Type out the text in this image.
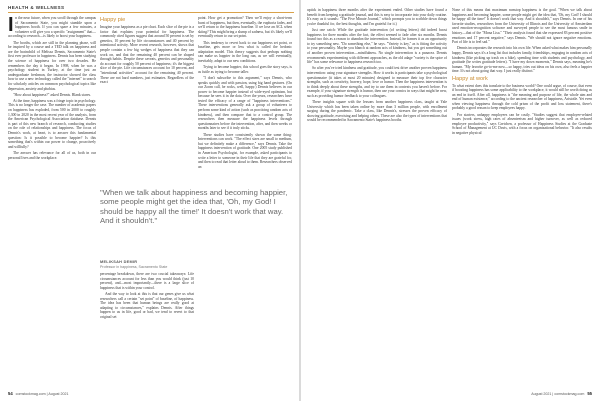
HEALTH & WELLNESS

In the near future, when you scroll through the campus of Sacramento State, you might stumble upon a happiness booth. If you can spare a few minutes, a volunteer will give you a specific "assignment" that—according to research—is likely to boost your happiness.

The booths, which are still in the planning phase, will be inspired by a course and a TED talk on happiness and are the brainchild of Melissa Dennis, Sacramento State's first ever professor in happiness. Dennis has been studying the science of happiness for over two decades. He remembers the day it began. In 1998, when he was a psychology student in Turkey, at the time just an undergraduate freshman, the instructor showed the class how to use a new technology called the "internet" to search for scholarly articles on common psychological topics like depression, anxiety and phobias.

"How about happiness?" asked Dennis. Blank stares.

At the time, happiness was a fringe topic in psychology. This is no longer the case. The number of academic papers on happiness has exploded, from 500 in 2000 to roughly 1,300 in 2020 in the most recent year of the analysis, from the American Psychological Association database. Dennis is part of this new branch of research, conducting studies on the role of relationships and happiness. The focus of Dennis's work, at heart, is to answer this fundamental question: Is it possible to become happier? Is this something that's within our power to change, proactively and willfully?

The answer has relevance for all of us, both in our personal lives and the workplace.

Happy pie

Imagine your happiness as a pie chart. Each slice of the pie is a factor that explains your potential for happiness. The commonly cited figures suggest that around 50 percent is set by genetics, 10 percent by life circumstances and 40 percent by intentional activity. More recent research, however, shows that people contain a few big wedges of happiness that they can work on, and that the remaining 40 percent can be shaped through habits. Despite these caveats, genetics and personality do account for roughly 50 percent of happiness; it's the biggest slice of the pie. Life circumstances account for 10 percent, and "intentional activities" account for the remaining 40 percent. These are not hard numbers, just estimates. Regardless of the exact

point. How get a promotion? Then we'll enjoy a short-term burst of happiness, but then, eventually, the euphoria fades, and we'll return to the happiness baseline. If we lose an ACL when skiing? This might bring a slump of sadness, but it's likely we'll eventually return to our set point.

This tendency to revert back to our happiness set point, or baseline, gets more or less what is called the hedonic adaptation model. This theory suggests that perhaps nothing can make us happier in the long run, as we will eventually, inevitably, adapt to our new conditions.

Trying to become happier, this school goes the story says, is as futile as trying to become taller.

"I don't subscribe to this argument," says Dennis, who speaks quickly and with passion, using big hand gestures. (On our Zoom call, he rocks, well, happy.) Dennis believes in our power to become happier instead of wide-eyed optimism, but because he sees it in the data. Over the years, researchers have tested the efficacy of a range of "happiness interventions." These interventions generally ask a group of volunteers to perform some kind of action (such as practicing random acts of kindness), and then compare that to a control group. The researchers then measure the happiness levels through questionnaires before the intervention, after, and then weeks or months later to see if it truly sticks.

These studies have consistently shown the same thing: Interventions can work. "The effect sizes are small to medium, but we definitely make a difference," says Dennis. Take the happiness intervention of gratitude. One 2005 study published in American Psychologist, for example, asked participants to write a letter to someone in their life that they are grateful for, and then to read that letter aloud to them. Researchers observed an

"When we talk about happiness and becoming happier, some people might get the idea that, 'Oh, my God! I should be happy all the time!' It doesn't work that way. And it shouldn't."
MELIKSAH DEMIR
Professor in happiness, Sacramento State

percentage breakdown, there are two crucial takeaways: Life circumstances account for less than you would think (just 10 percent), and—most importantly—there is a large slice of happiness that is within your control.

And the way to look at this is that our genes give us what researchers call a certain "set point" of baseline, of happiness. The idea has been that human beings are really good at adapting to circumstances," explains Dennis. After things happen to us in life, good or bad, we tend to revert to that original set

uptick in happiness three months after the experiment ended. Other studies have found a benefit from keeping a gratitude journal, and this is easy to incorporate into your daily routine. It's easy as it sounds: "The Five Minute Journal," which prompts you to scribble down things you're thankful for, the best thoughts, and I'm grateful for it.)

Just one catch: While the gratitude intervention (of writing letters) did indeed boost happiness for three months after the fact, the effect seemed to fade after six months. Dennis found two this as a reason to abandon the intervention. Instead, he frames it as an opportunity to try something new. "Do something else," he says. "Variety is key," as is fitting the activity to your personality. Maybe you blanch at random acts of kindness, but you get something out of another proven intervention—mindfulness. No single intervention is a panacea. Dennis recommends experimenting with different approaches, as the old adage "variety is the spice of life" has some relevance to happiness research too.

So after you've tried kindness and gratitude, you could test drive another proven happiness intervention: using your signature strengths. How it works is participants take a psychological questionnaire (it takes at most 20 minutes) designed to measure their top five character strengths, such as creativity, bravery, hope, love or humor. Then the happiness intervention is to think deeply about these strengths, and try to use them in contexts you haven't before. For example, if your signature strength is humor, then use your comics in ways that might be new, such as providing humor feedback to your colleagues.

These insights square with the lessons from another happiness class, taught at Yale University which has been taken online by more than 3 million people, with enrollment surging during the pandemic. Take a class, like Dennis's, stresses the proven efficacy of showing gratitude, exercising and helping others. These are also the types of interventions that would be recommended in Sacramento State's happiness booths.

None of this means that maximum nonstop happiness is the goal. "When we talk about happiness and becoming happier, some people might get the idea that, 'Oh, my God! I should be happy all the time!' It doesn't work that way. And it shouldn't," says Dennis. In one of his favorite studies, researchers from the University of Illinois and the University of Amsterdam used emotion-recognition software and surveyed people to see the most famous smile in history—that of the "Mona Lisa." "Their analysis found that she expressed 83 percent positive emotions and 17 percent negative," says Dennis. "We should not ignore negative emotions. Part of life is to feel sad."

Dennis incorporates the research into his own life. When asked what makes him personally happy, Dennis says it's a long list that includes family, friendships, engaging in random acts of kindness (like picking up trash on a hike), spending time with students and psychology, and gratitude (he writes gratitude letters). "I have my down moments," Dennis says, meaning he's human. "My favorite go-to-me now—so happy, tries out ideas on his own, also feels a happier time. It's not about going that way. I just really distinct."

Happy at work

To what extent does this translate to the business world? One could argue, of course, that even if boosting happiness has some applicability to the workplace, it would still be worth doing as an end in itself. After all, happiness is "the meaning and purpose of life, the whole aim and end of human existence," according to the ancient researcher of happiness, Aristotle. Yet even when viewing happiness through the cold prism of the profit and loss statement, there's probably a good reason to keep employees happy.

For starters, unhappy employees can be costly. "Studies suggest that employee-related issues (work stress, high rates of absenteeism and higher turnover, as well as reduced employee productivity," says Gretchen, a professor of Happiness Studies at the Graduate School of Management at UC Davis, with a focus on organizational behavior. "It also results in negative physical

54 comstockmag.com | August 2021	August 2021 | comstockmag.com 55
